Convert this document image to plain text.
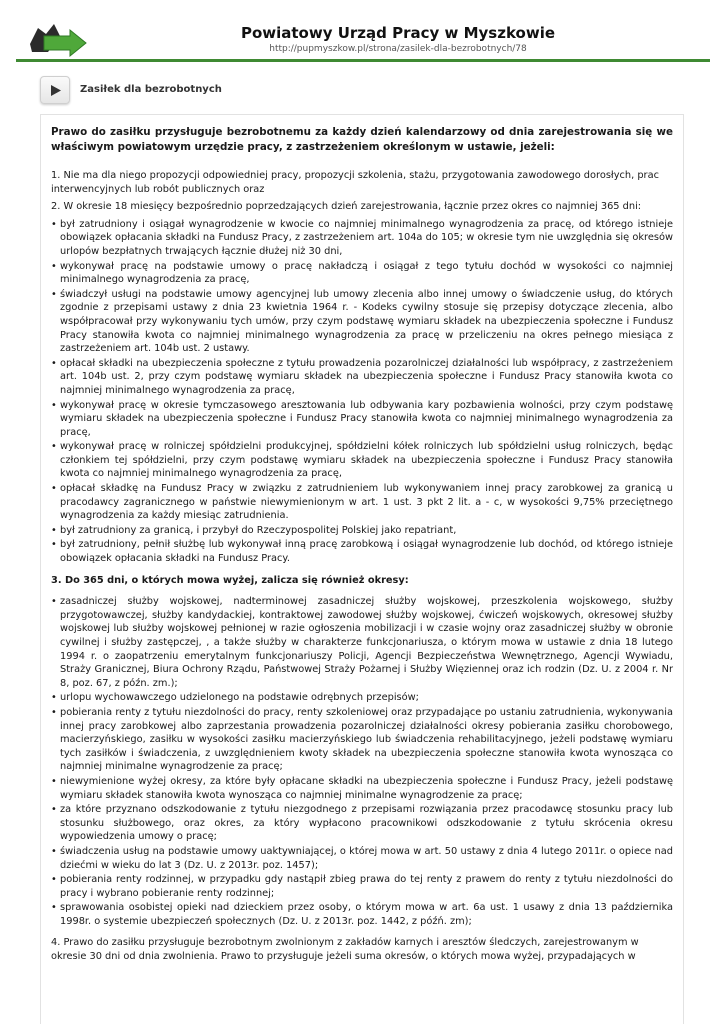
Powiatowy Urząd Pracy w Myszkowie
http://pupmyszkow.pl/strona/zasilek-dla-bezrobotnych/78
Zasiłek dla bezrobotnych

Prawo do zasiłku przysługuje bezrobotnemu za każdy dzień kalendarzowy od dnia zarejestrowania się we właściwym powiatowym urzędzie pracy, z zastrzeżeniem określonym w ustawie, jeżeli:

1. Nie ma dla niego propozycji odpowiedniej pracy, propozycji szkolenia, stażu, przygotowania zawodowego dorosłych, prac interwencyjnych lub robót publicznych oraz

2. W okresie 18 miesięcy bezpośrednio poprzedzających dzień zarejestrowania, łącznie przez okres co najmniej 365 dni:

• był zatrudniony i osiągał wynagrodzenie w kwocie co najmniej minimalnego wynagrodzenia za pracę, od którego istnieje obowiązek opłacania składki na Fundusz Pracy, z zastrzeżeniem art. 104a do 105; w okresie tym nie uwzględnia się okresów urlopów bezpłatnych trwających łącznie dłużej niż 30 dni,
• wykonywał pracę na podstawie umowy o pracę nakładczą i osiągał z tego tytułu dochód w wysokości co najmniej minimalnego wynagrodzenia za pracę,
• świadczył usługi na podstawie umowy agencyjnej lub umowy zlecenia albo innej umowy o świadczenie usług, do których zgodnie z przepisami ustawy z dnia 23 kwietnia 1964 r. - Kodeks cywilny stosuje się przepisy dotyczące zlecenia, albo współpracował przy wykonywaniu tych umów, przy czym podstawę wymiaru składek na ubezpieczenia społeczne i Fundusz Pracy stanowiła kwota co najmniej minimalnego wynagrodzenia za pracę w przeliczeniu na okres pełnego miesiąca z zastrzeżeniem art. 104b ust. 2 ustawy.
• opłacał składki na ubezpieczenia społeczne z tytułu prowadzenia pozarolniczej działalności lub współpracy, z zastrzeżeniem art. 104b ust. 2, przy czym podstawę wymiaru składek na ubezpieczenia społeczne i Fundusz Pracy stanowiła kwota co najmniej minimalnego wynagrodzenia za pracę,
• wykonywał pracę w okresie tymczasowego aresztowania lub odbywania kary pozbawienia wolności, przy czym podstawę wymiaru składek na ubezpieczenia społeczne i Fundusz Pracy stanowiła kwota co najmniej minimalnego wynagrodzenia za pracę,
• wykonywał pracę w rolniczej spółdzielni produkcyjnej, spółdzielni kółek rolniczych lub spółdzielni usług rolniczych, będąc członkiem tej spółdzielni, przy czym podstawę wymiaru składek na ubezpieczenia społeczne i Fundusz Pracy stanowiła kwota co najmniej minimalnego wynagrodzenia za pracę,
• opłacał składkę na Fundusz Pracy w związku z zatrudnieniem lub wykonywaniem innej pracy zarobkowej za granicą u pracodawcy zagranicznego w państwie niewymienionym w art. 1 ust. 3 pkt 2 lit. a - c, w wysokości 9,75% przeciętnego wynagrodzenia za każdy miesiąc zatrudnienia.
• był zatrudniony za granicą, i przybył do Rzeczypospolitej Polskiej jako repatriant,
• był zatrudniony, pełnił służbę lub wykonywał inną pracę zarobkową i osiągał wynagrodzenie lub dochód, od którego istnieje obowiązek opłacania składki na Fundusz Pracy.

3. Do 365 dni, o których mowa wyżej, zalicza się również okresy:

• zasadniczej służby wojskowej, nadterminowej zasadniczej służby wojskowej, przeszkolenia wojskowego, służby przygotowawczej, służby kandydackiej, kontraktowej zawodowej służby wojskowej, ćwiczeń wojskowych, okresowej służby wojskowej lub służby wojskowej pełnionej w razie ogłoszenia mobilizacji i w czasie wojny oraz zasadniczej służby w obronie cywilnej i służby zastępczej, , a także służby w charakterze funkcjonariusza, o którym mowa w ustawie z dnia 18 lutego 1994 r. o zaopatrzeniu emerytalnym funkcjonariuszy Policji, Agencji Bezpieczeństwa Wewnętrznego, Agencji Wywiadu, Straży Granicznej, Biura Ochrony Rządu, Państwowej Straży Pożarnej i Służby Więziennej oraz ich rodzin (Dz. U. z 2004 r. Nr 8, poz. 67, z późn. zm.);
• urlopu wychowawczego udzielonego na podstawie odrębnych przepisów;
• pobierania renty z tytułu niezdolności do pracy, renty szkoleniowej oraz przypadające po ustaniu zatrudnienia, wykonywania innej pracy zarobkowej albo zaprzestania prowadzenia pozarolniczej działalności okresy pobierania zasiłku chorobowego, macierzyńskiego, zasiłku w wysokości zasiłku macierzyńskiego lub świadczenia rehabilitacyjnego, jeżeli podstawę wymiaru tych zasiłków i świadczenia, z uwzględnieniem kwoty składek na ubezpieczenia społeczne stanowiła kwota wynosząca co najmniej minimalne wynagrodzenie za pracę;
• niewymienione wyżej okresy, za które były opłacane składki na ubezpieczenia społeczne i Fundusz Pracy, jeżeli podstawę wymiaru składek stanowiła kwota wynosząca co najmniej minimalne wynagrodzenie za pracę;
• za które przyznano odszkodowanie z tytułu niezgodnego z przepisami rozwiązania przez pracodawcę stosunku pracy lub stosunku służbowego, oraz okres, za który wypłacono pracownikowi odszkodowanie z tytułu skrócenia okresu wypowiedzenia umowy o pracę;
• świadczenia usług na podstawie umowy uaktywniającej, o której mowa w art. 50 ustawy z dnia 4 lutego 2011r. o opiece nad dziećmi w wieku do lat 3 (Dz. U. z 2013r. poz. 1457);
• pobierania renty rodzinnej, w przypadku gdy nastąpił zbieg prawa do tej renty z prawem do renty z tytułu niezdolności do pracy i wybrano pobieranie renty rodzinnej;
• sprawowania osobistej opieki nad dzieckiem przez osoby, o którym mowa w art. 6a ust. 1 usawy z dnia 13 października 1998r. o systemie ubezpieczeń społecznych (Dz. U. z 2013r. poz. 1442, z późń. zm);

4. Prawo do zasiłku przysługuje bezrobotnym zwolnionym z zakładów karnych i aresztów śledczych, zarejestrowanym w okresie 30 dni od dnia zwolnienia. Prawo to przysługuje jeżeli suma okresów, o których mowa wyżej, przypadających w
